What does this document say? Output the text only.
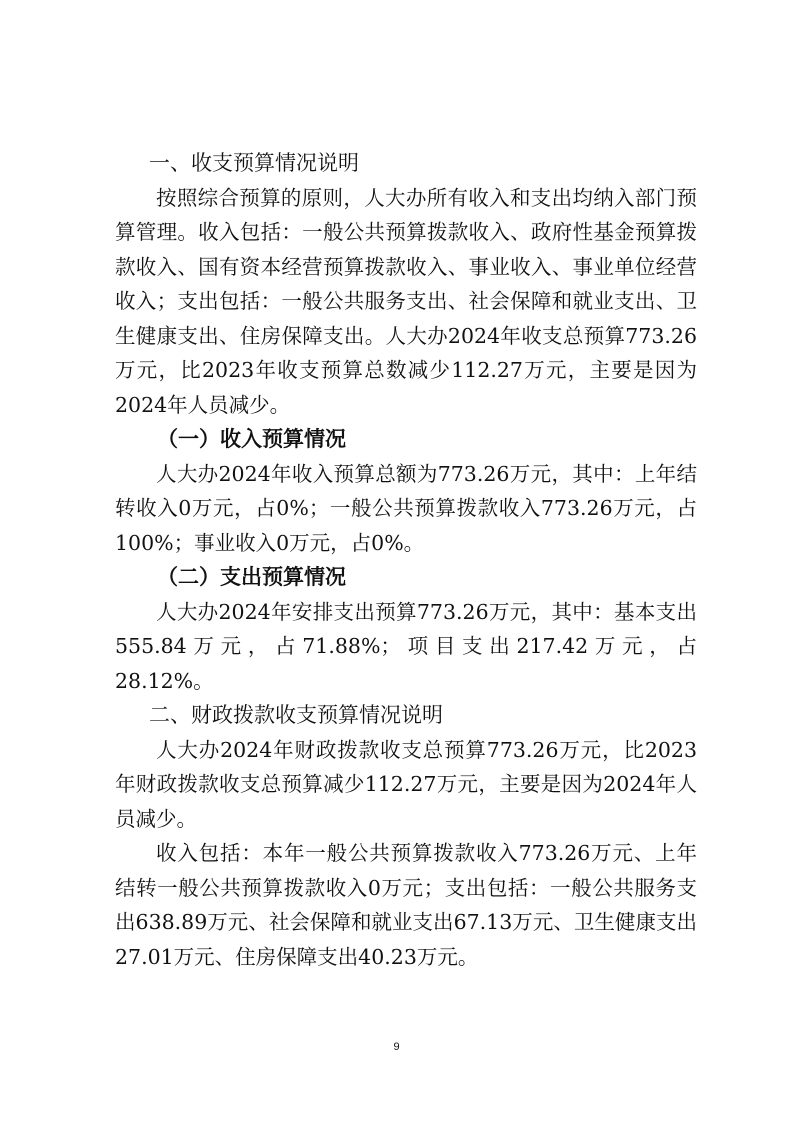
一、收支预算情况说明

按照综合预算的原则，人大办所有收入和支出均纳入部门预算管理。收入包括：一般公共预算拨款收入、政府性基金预算拨款收入、国有资本经营预算拨款收入、事业收入、事业单位经营收入；支出包括：一般公共服务支出、社会保障和就业支出、卫生健康支出、住房保障支出。人大办2024年收支总预算773.26万元，比2023年收支预算总数减少112.27万元，主要是因为2024年人员减少。

（一）收入预算情况

人大办2024年收入预算总额为773.26万元，其中：上年结转收入0万元，占0%；一般公共预算拨款收入773.26万元，占100%；事业收入0万元，占0%。

（二）支出预算情况

人大办2024年安排支出预算773.26万元，其中：基本支出555.84万元，占71.88%；项目支出217.42万元，占28.12%。

二、财政拨款收支预算情况说明

人大办2024年财政拨款收支总预算773.26万元，比2023年财政拨款收支总预算减少112.27万元，主要是因为2024年人员减少。

收入包括：本年一般公共预算拨款收入773.26万元、上年结转一般公共预算拨款收入0万元；支出包括：一般公共服务支出638.89万元、社会保障和就业支出67.13万元、卫生健康支出27.01万元、住房保障支出40.23万元。

9
